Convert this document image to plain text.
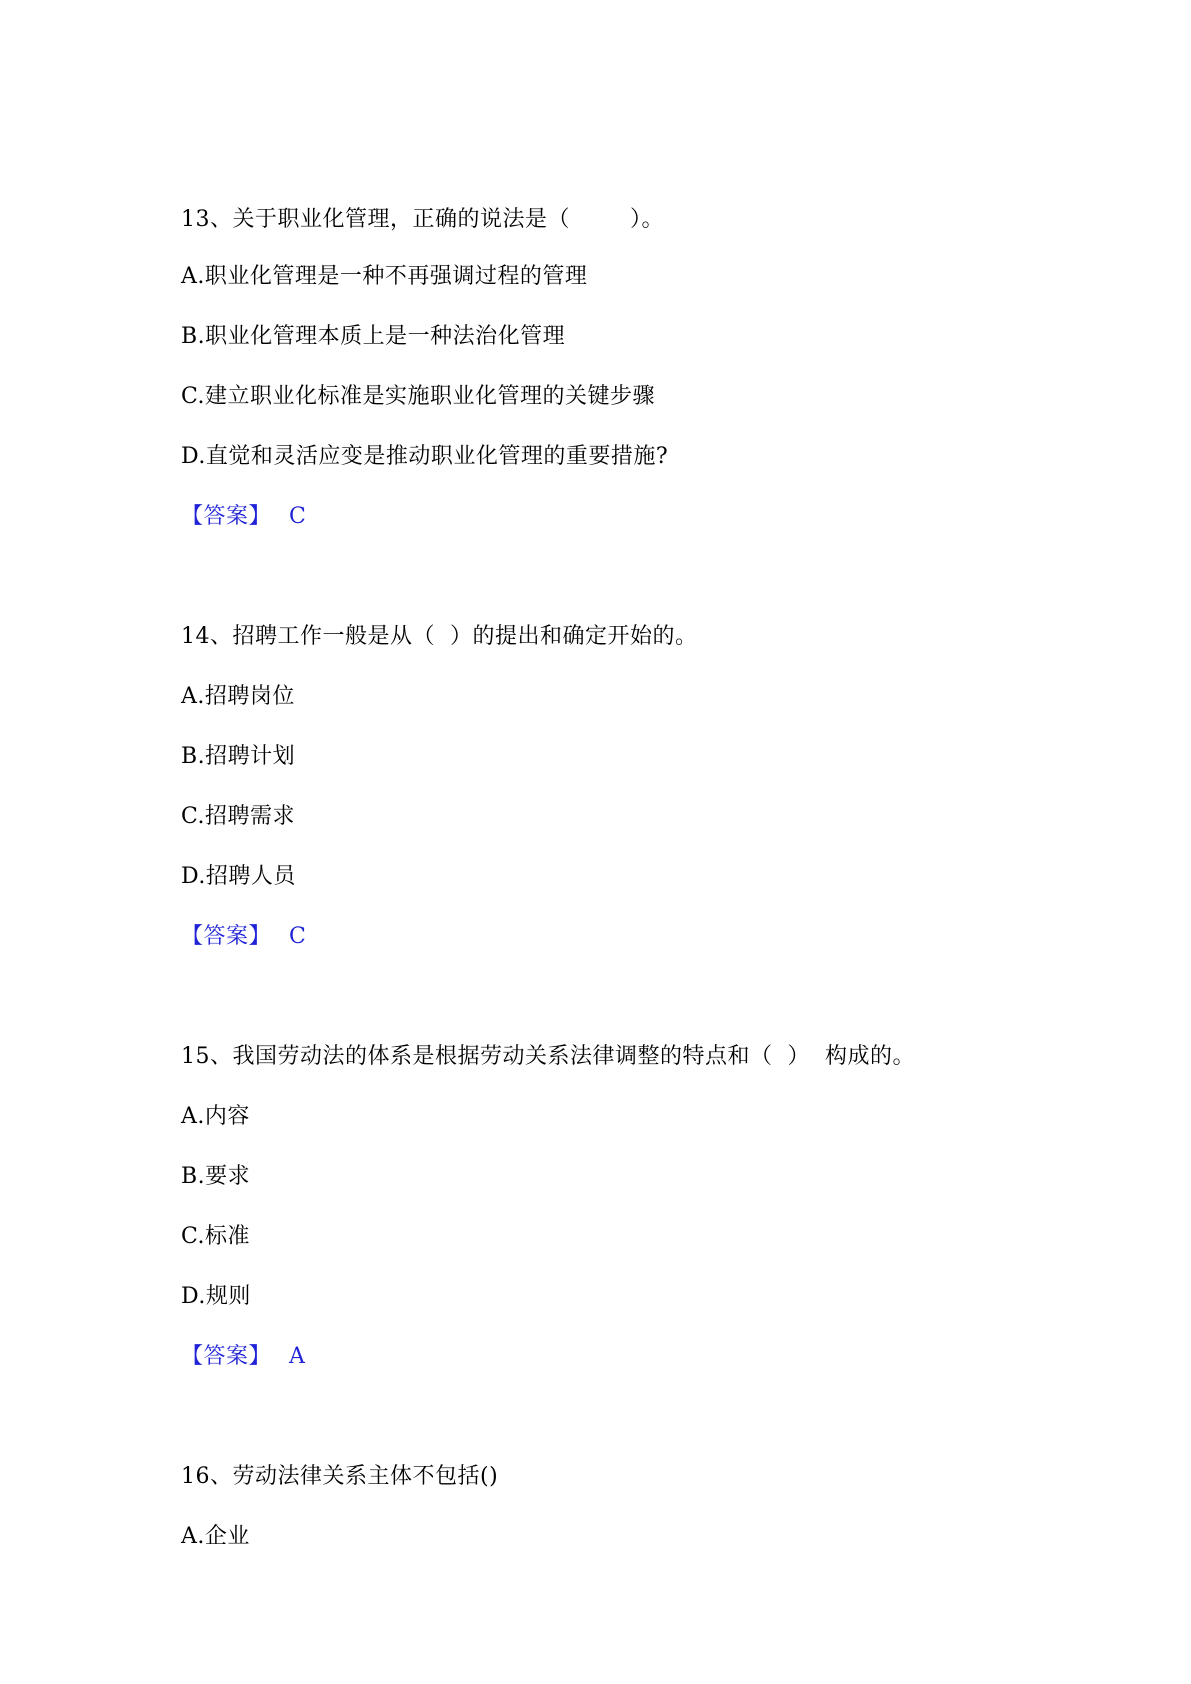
13、关于职业化管理，正确的说法是（        ）。
A.职业化管理是一种不再强调过程的管理
B.职业化管理本质上是一种法治化管理
C.建立职业化标准是实施职业化管理的关键步骤
D.直觉和灵活应变是推动职业化管理的重要措施?
【答案】 C
14、招聘工作一般是从（  ）的提出和确定开始的。
A.招聘岗位
B.招聘计划
C.招聘需求
D.招聘人员
【答案】 C
15、我国劳动法的体系是根据劳动关系法律调整的特点和（  ）  构成的。
A.内容
B.要求
C.标准
D.规则
【答案】 A
16、劳动法律关系主体不包括()
A.企业
